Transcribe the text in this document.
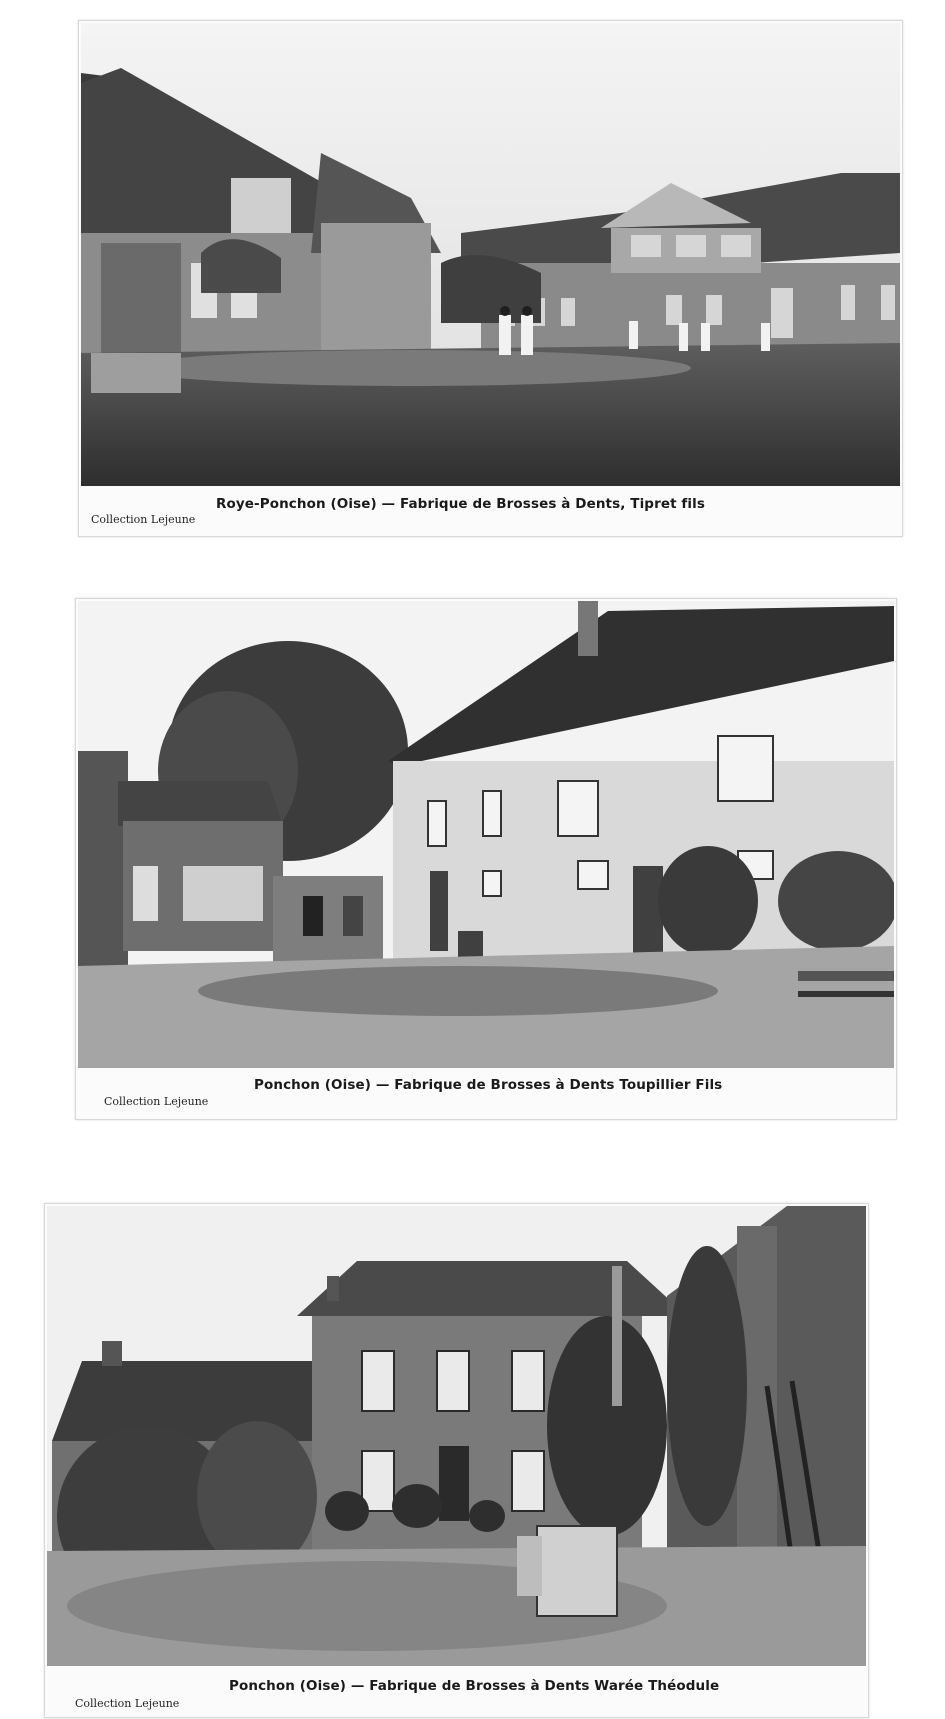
Roye-Ponchon (Oise) — Fabrique de Brosses à Dents, Tipret fils
Collection Lejeune
Ponchon (Oise) — Fabrique de Brosses à Dents Toupillier Fils
Collection Lejeune
Ponchon (Oise) — Fabrique de Brosses à Dents Warée Théodule
Collection Lejeune
